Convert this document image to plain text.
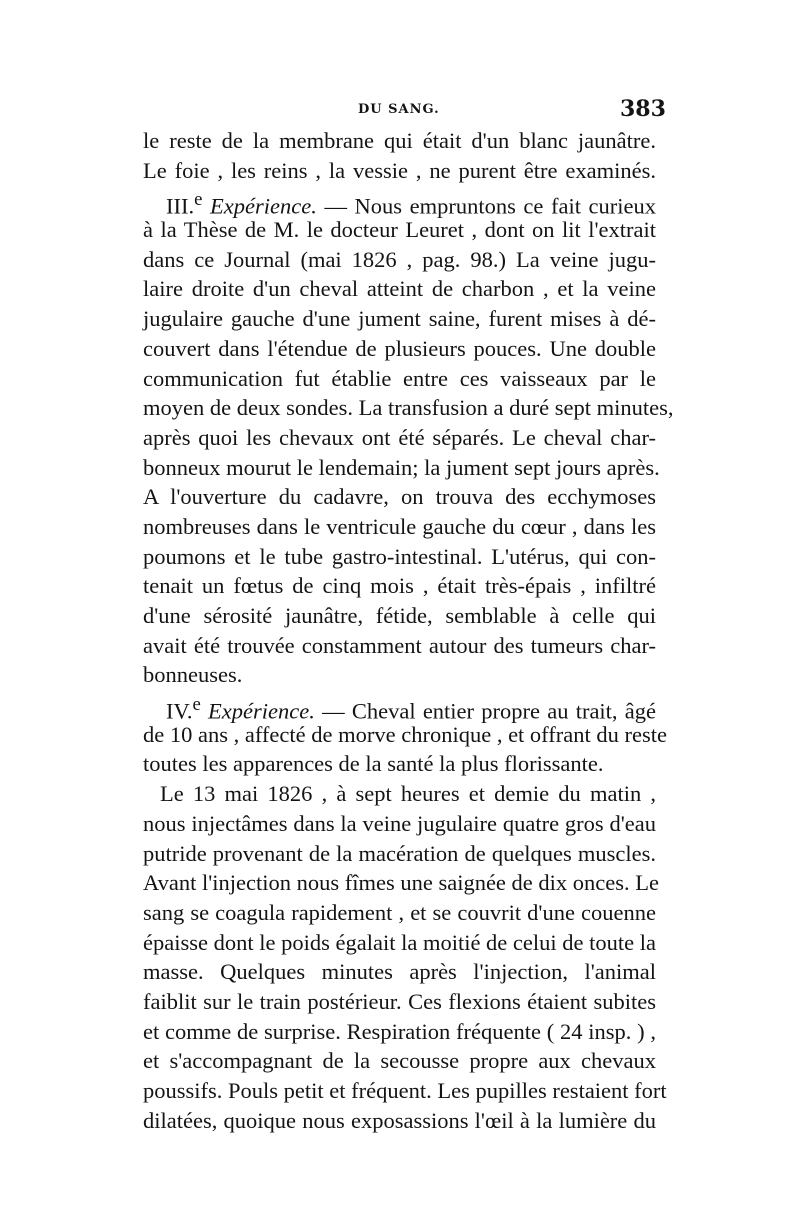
DU SANG.	383
le reste de la membrane qui était d'un blanc jaunâtre.
Le foie , les reins , la vessie , ne purent être examinés.
III.$^e$ Expérience. — Nous empruntons ce fait curieux
à la Thèse de M. le docteur Leuret , dont on lit l'extrait
dans ce Journal (mai 1826 , pag. 98.) La veine jugu-
laire droite d'un cheval atteint de charbon , et la veine
jugulaire gauche d'une jument saine, furent mises à dé-
couvert dans l'étendue de plusieurs pouces. Une double
communication fut établie entre ces vaisseaux par le
moyen de deux sondes. La transfusion a duré sept minutes,
après quoi les chevaux ont été séparés. Le cheval char-
bonneux mourut le lendemain; la jument sept jours après.
A l'ouverture du cadavre, on trouva des ecchymoses
nombreuses dans le ventricule gauche du cœur , dans les
poumons et le tube gastro-intestinal. L'utérus, qui con-
tenait un fœtus de cinq mois , était très-épais , infiltré
d'une sérosité jaunâtre, fétide, semblable à celle qui
avait été trouvée constamment autour des tumeurs char-
bonneuses.
IV.$^e$ Expérience. — Cheval entier propre au trait, âgé
de 10 ans , affecté de morve chronique , et offrant du reste
toutes les apparences de la santé la plus florissante.
Le 13 mai 1826 , à sept heures et demie du matin ,
nous injectâmes dans la veine jugulaire quatre gros d'eau
putride provenant de la macération de quelques muscles.
Avant l'injection nous fîmes une saignée de dix onces. Le
sang se coagula rapidement , et se couvrit d'une couenne
épaisse dont le poids égalait la moitié de celui de toute la
masse. Quelques minutes après l'injection, l'animal
faiblit sur le train postérieur. Ces flexions étaient subites
et comme de surprise. Respiration fréquente ( 24 insp. ) ,
et s'accompagnant de la secousse propre aux chevaux
poussifs. Pouls petit et fréquent. Les pupilles restaient fort
dilatées, quoique nous exposassions l'œil à la lumière du
